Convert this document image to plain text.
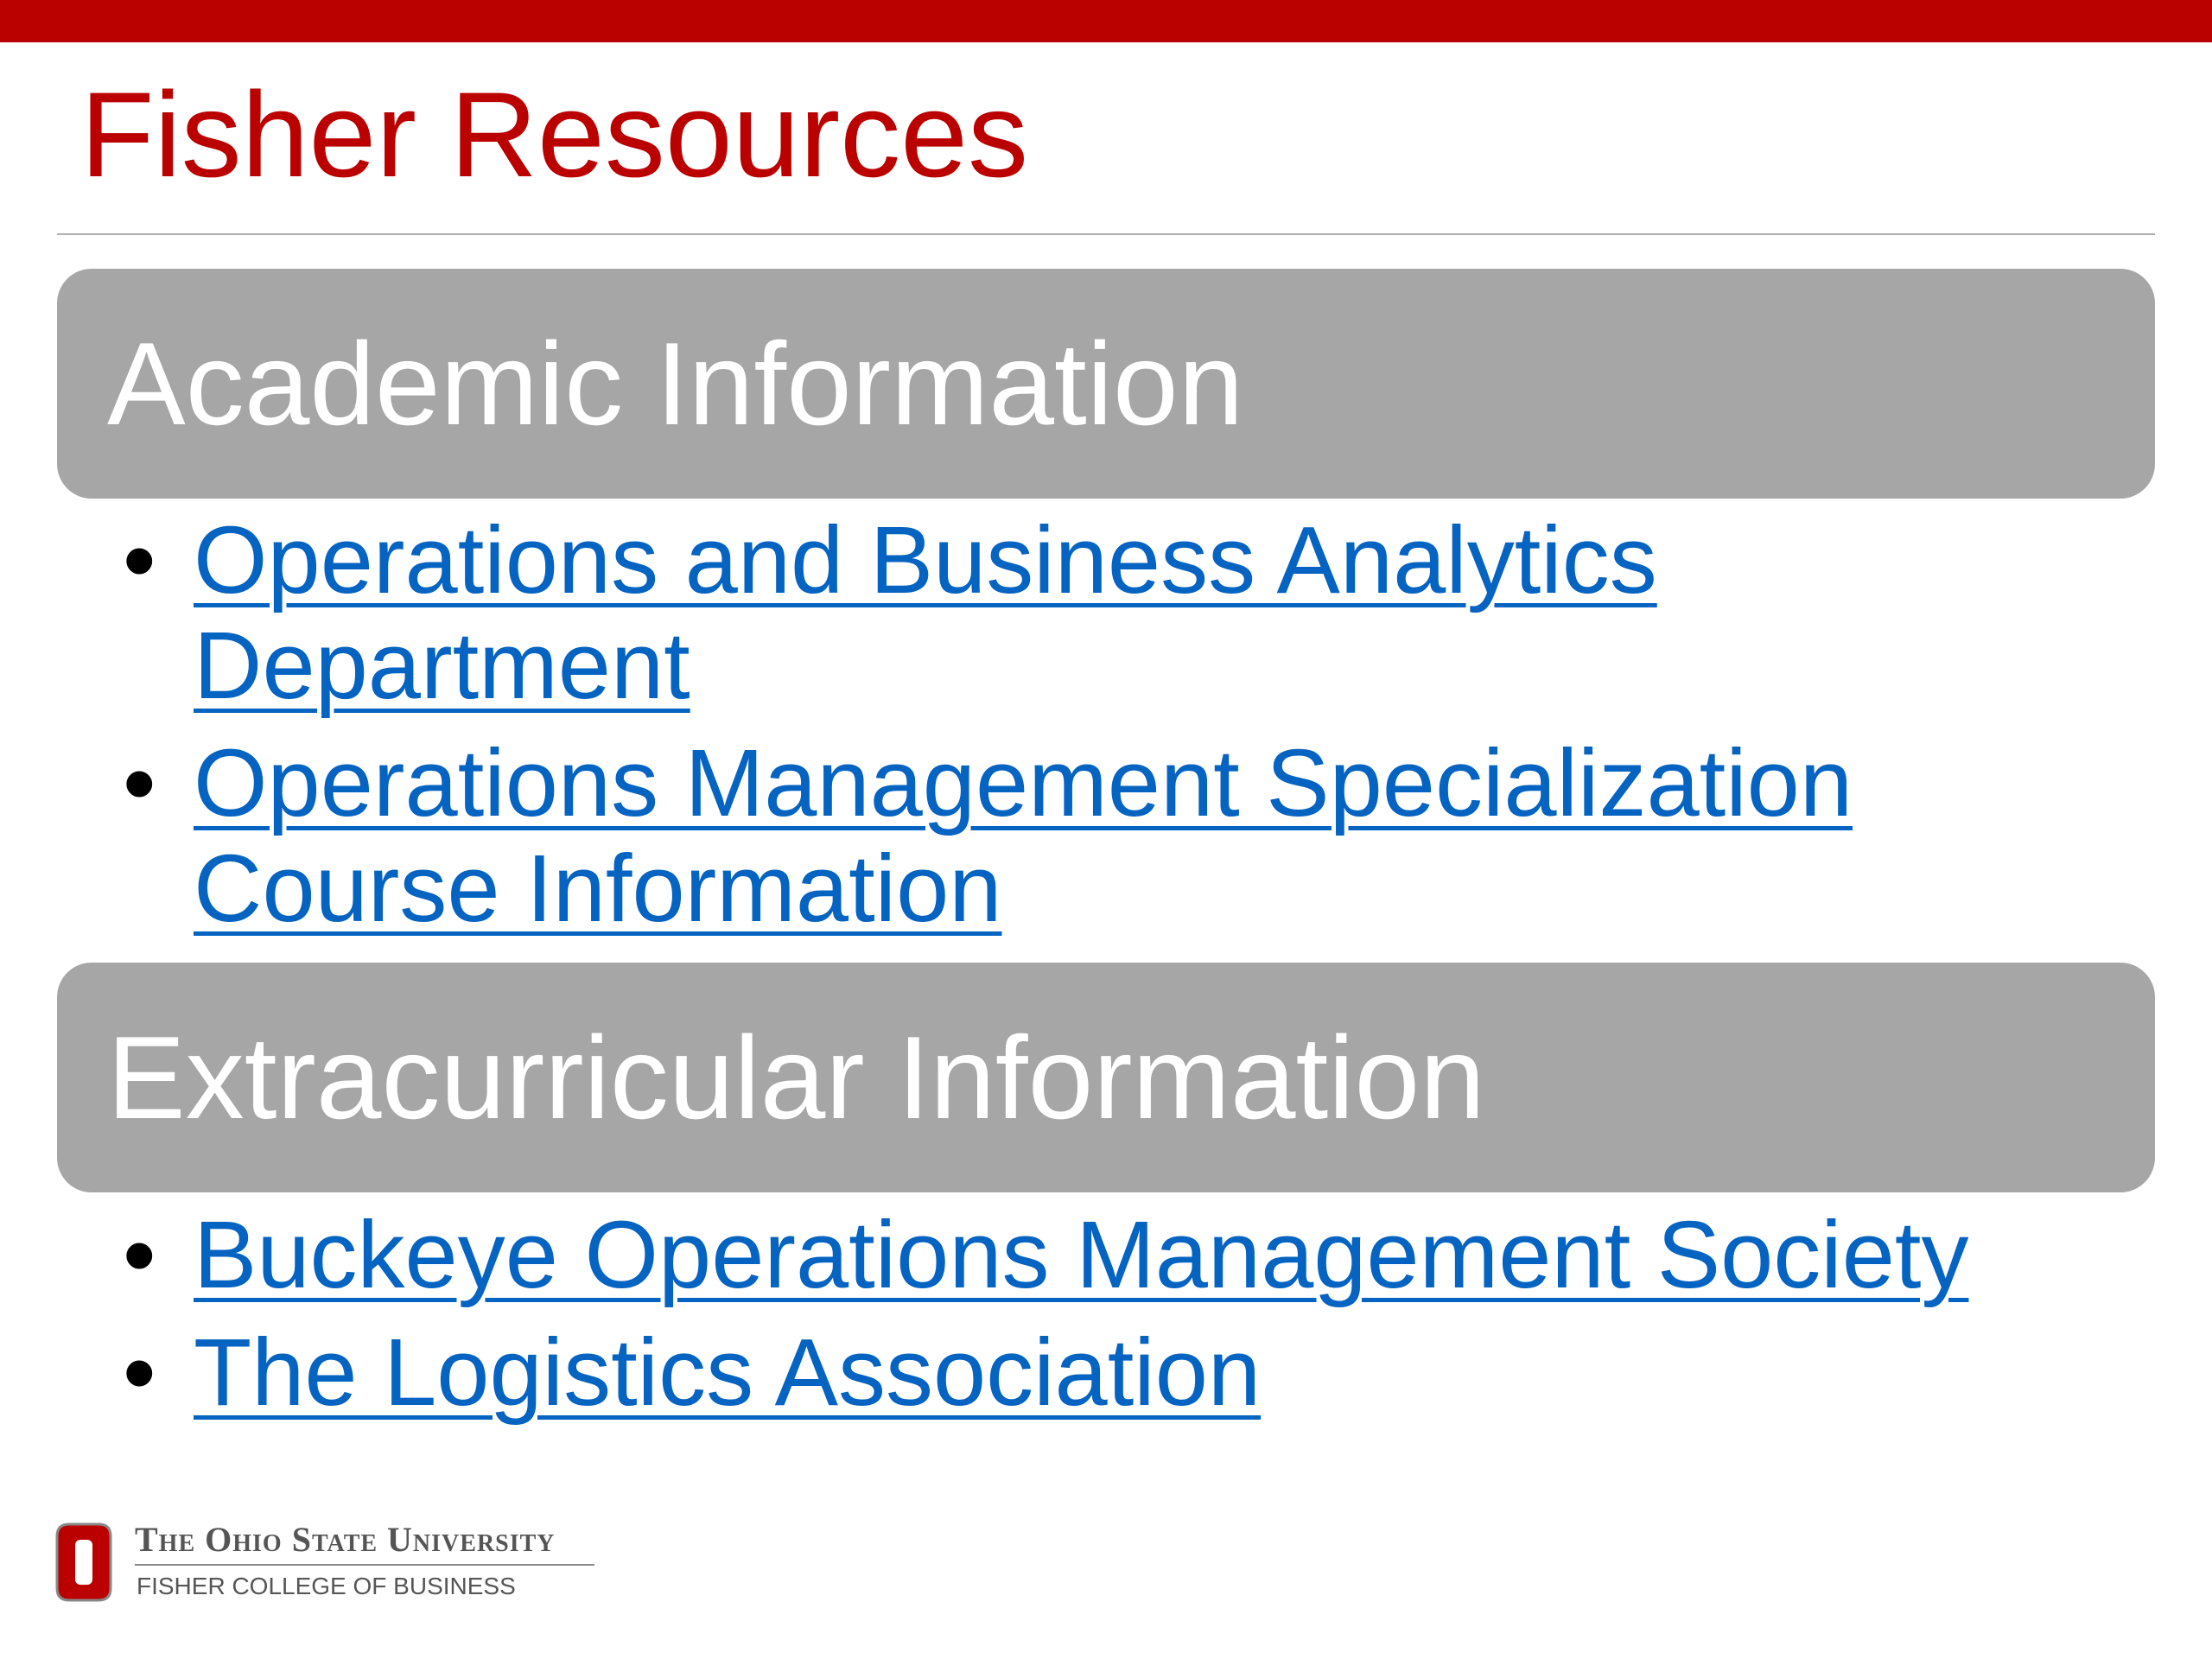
Fisher Resources
Academic Information
• Operations and Business Analytics Department
• Operations Management Specialization Course Information
Extracurricular Information
• Buckeye Operations Management Society
• The Logistics Association
The Ohio State University
FISHER COLLEGE OF BUSINESS
